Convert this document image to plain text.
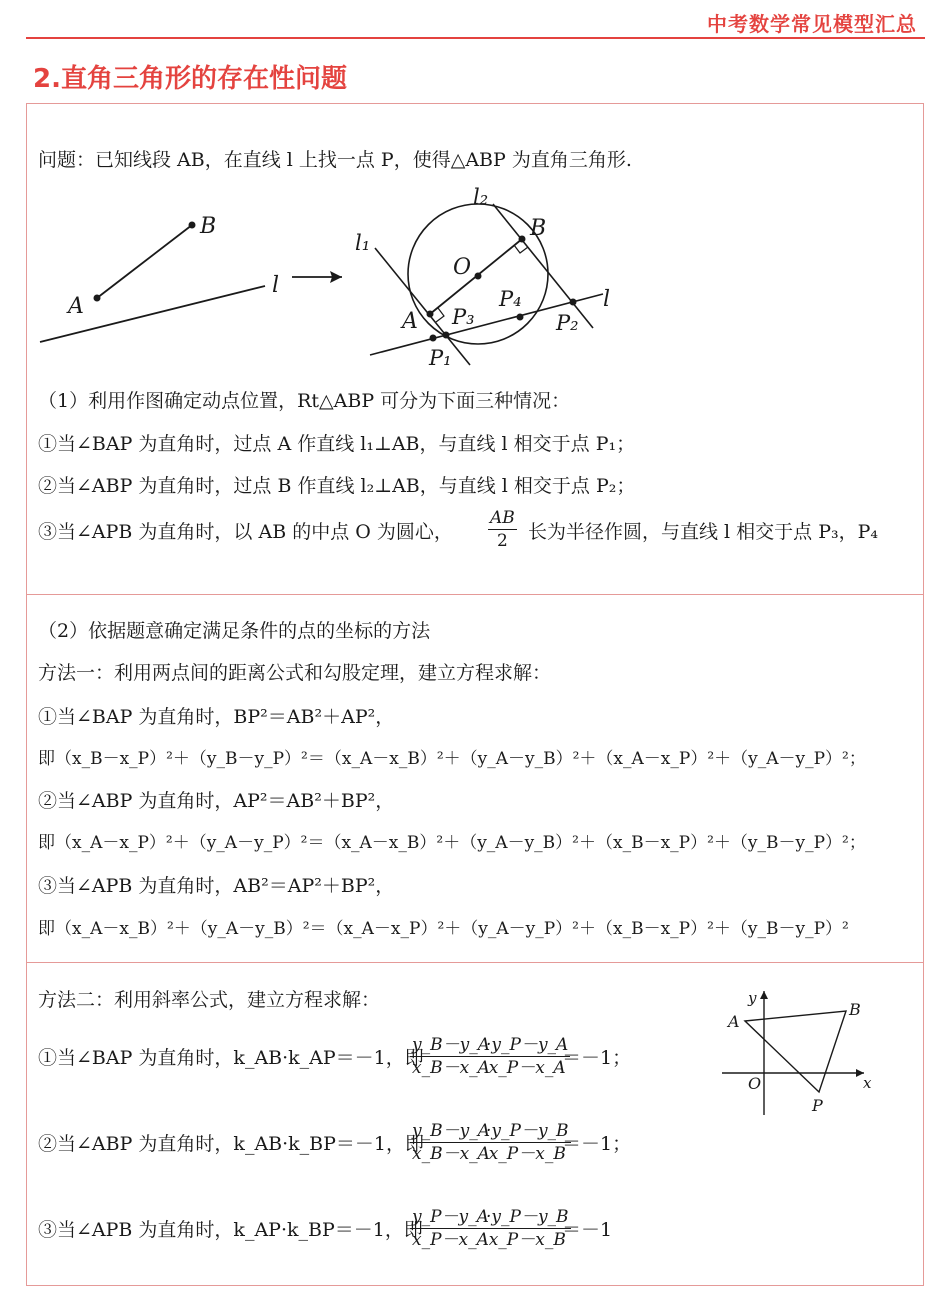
中考数学常见模型汇总
2.直角三角形的存在性问题
问题：已知线段 AB，在直线 l 上找一点 P，使得△ABP 为直角三角形.
B
A
l
l₂
B
l₁
O
P₄
A P₃
l
P₂
P₁
（1）利用作图确定动点位置，Rt△ABP 可分为下面三种情况：
①当∠BAP 为直角时，过点 A 作直线 l₁⊥AB，与直线 l 相交于点 P₁；
②当∠ABP 为直角时，过点 B 作直线 l₂⊥AB，与直线 l 相交于点 P₂；
③当∠APB 为直角时，以 AB 的中点 O 为圆心，
AB
2	长为半径作圆，与直线 l 相交于点 P₃，P₄
（2）依据题意确定满足条件的点的坐标的方法
方法一：利用两点间的距离公式和勾股定理，建立方程求解：
①当∠BAP 为直角时，BP²＝AB²＋AP²，
即（x_B－x_P）²＋（y_B－y_P）²＝（x_A－x_B）²＋（y_A－y_B）²＋（x_A－x_P）²＋（y_A－y_P）²；
②当∠ABP 为直角时，AP²＝AB²＋BP²，
即（x_A－x_P）²＋（y_A－y_P）²＝（x_A－x_B）²＋（y_A－y_B）²＋（x_B－x_P）²＋（y_B－y_P）²；
③当∠APB 为直角时，AB²＝AP²＋BP²，
即（x_A－x_B）²＋（y_A－y_B）²＝（x_A－x_P）²＋（y_A－y_P）²＋（x_B－x_P）²＋（y_B－y_P）²
方法二：利用斜率公式，建立方程求解：
①当∠BAP 为直角时，k_AB·k_AP＝－1，即
y_B－y_A
x_B－x_A
·y_P－y_A
x_P－x_A
＝－1；
②当∠ABP 为直角时，k_AB·k_BP＝－1，即
y_B－y_A
x_B－x_A
·y_P－y_B
x_P－x_B
＝－1；
③当∠APB 为直角时，k_AP·k_BP＝－1，即
y_P－y_A
x_P－x_A
·y_P－y_B
x_P－x_B
＝－1
y
A
B
O	x
P
